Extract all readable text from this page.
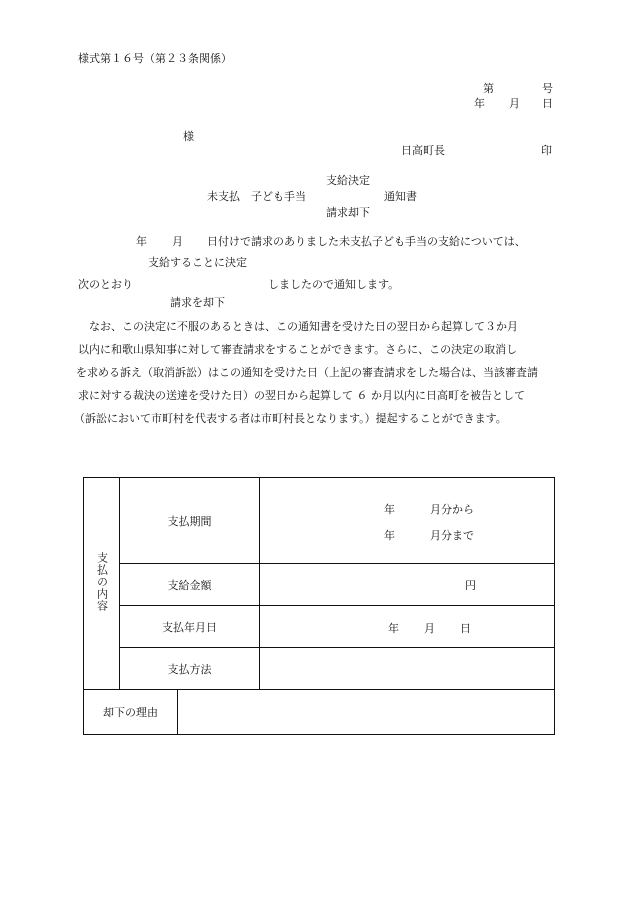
様式第１６号（第２３条関係）
第	号
年 月 日
様
日高町長	印
支給決定
未支払　子ども手当	通知書
請求却下
年 月 日付けで請求のありました未支払子ども手当の支給については、
支給することに決定
次のとおり	しましたので通知します。
請求を却下
なお、この決定に不服のあるときは、この通知書を受けた日の翌日から起算して３か月
以内に和歌山県知事に対して審査請求をすることができます。さらに、この決定の取消し
を求める訴え（取消訴訟）はこの通知を受けた日（上記の審査請求をした場合は、当該審査請
求に対する裁決の送達を受けた日）の翌日から起算して ６ か月以内に日高町を被告として
（訴訟において市町村を代表する者は市町村長となります。）提起することができます。
支払の内容	支払期間		年 月分から
年 月分まで

	支給金額		円

	支払年月日		年 月 日

	支払方法		
却下の理由			
